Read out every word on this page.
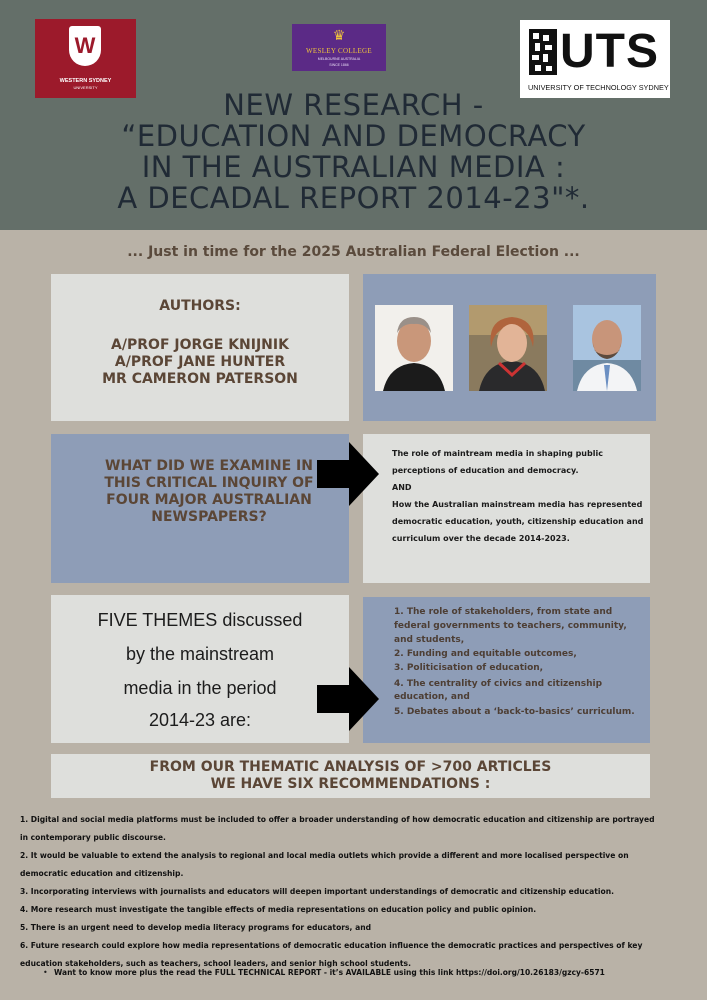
W
WESTERN SYDNEY
UNIVERSITY
♛
WESLEY COLLEGE
MELBOURNE AUSTRALIA
SINCE 1866	UTS
UNIVERSITY OF TECHNOLOGY SYDNEY
NEW RESEARCH -
“EDUCATION AND DEMOCRACY
IN THE AUSTRALIAN MEDIA :
A DECADAL REPORT 2014-23"*.
... Just in time for the 2025 Australian Federal Election ...
AUTHORS:
A/PROF JORGE KNIJNIK
A/PROF JANE HUNTER
MR CAMERON PATERSON
WHAT DID WE EXAMINE IN
THIS CRITICAL INQUIRY OF
FOUR MAJOR AUSTRALIAN
NEWSPAPERS?
The role of maintream media in shaping public
perceptions of education and democracy.
AND
How the Australian mainstream media has represented
democratic education, youth, citizenship education and
curriculum over the decade 2014-2023.
FIVE THEMES discussed
by the mainstream
media in the period
2014-23 are:
1. The role of stakeholders, from state and
federal governments to teachers, community,
and students,
2. Funding and equitable outcomes,
3. Politicisation of education,
4. The centrality of civics and citizenship
education, and
5. Debates about a ‘back-to-basics’ curriculum.
FROM OUR THEMATIC ANALYSIS OF >700 ARTICLES
WE HAVE SIX RECOMMENDATIONS :
1. Digital and social media platforms must be included to offer a broader understanding of how democratic education and citizenship are portrayed
in contemporary public discourse.
2. It would be valuable to extend the analysis to regional and local media outlets which provide a different and more localised perspective on
democratic education and citizenship.
3. Incorporating interviews with journalists and educators will deepen important understandings of democratic and citizenship education.
4. More research must investigate the tangible effects of media representations on education policy and public opinion.
5. There is an urgent need to develop media literacy programs for educators, and
6. Future research could explore how media representations of democratic education influence the democratic practices and perspectives of key
education stakeholders, such as teachers, school leaders, and senior high school students.
• Want to know more plus the read the FULL TECHNICAL REPORT - it’s AVAILABLE using this link https://doi.org/10.26183/gzcy-6571
